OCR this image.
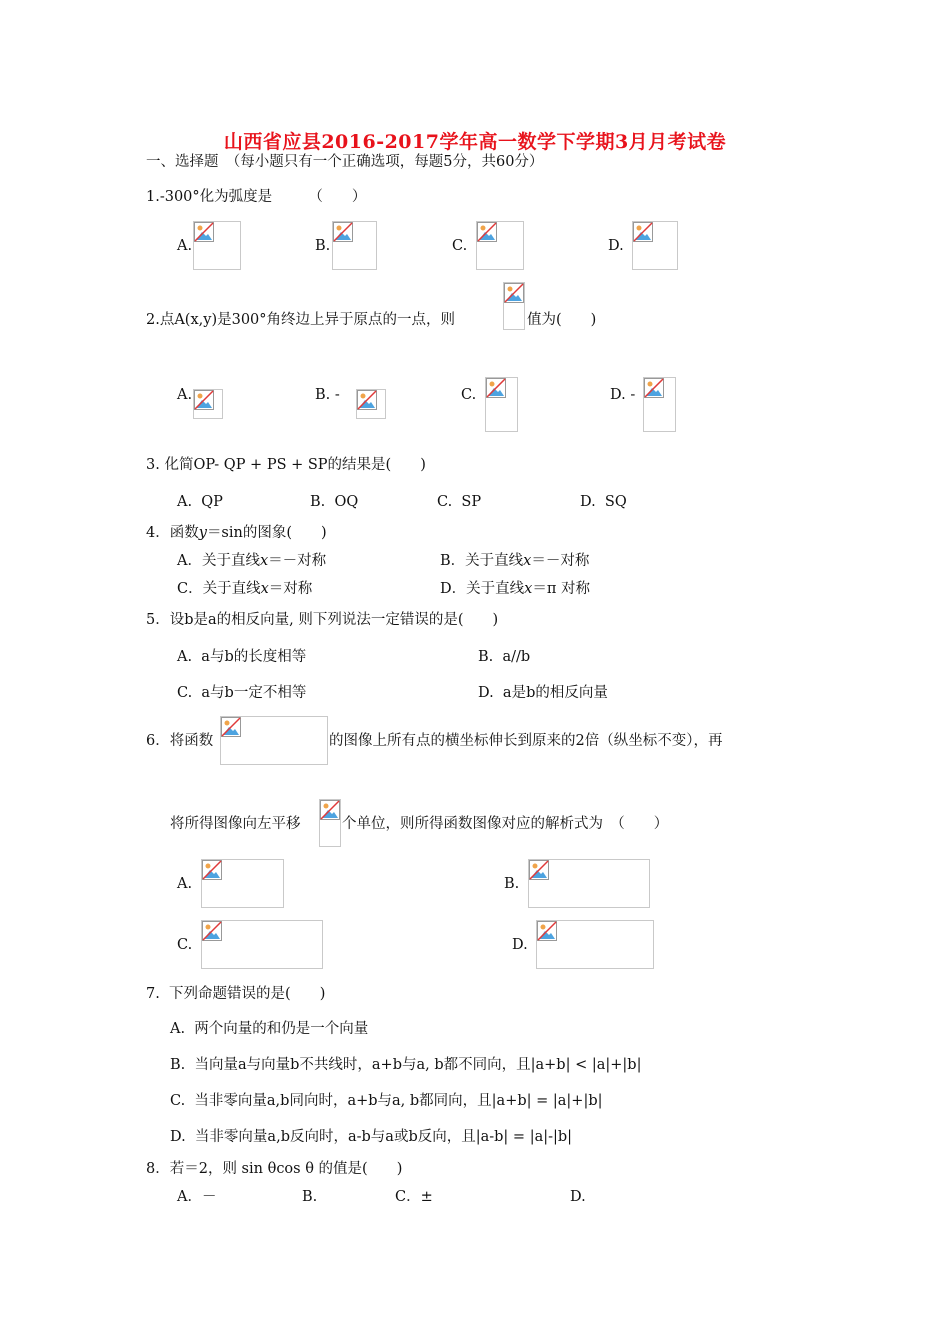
山西省应县2016-2017学年高一数学下学期3月月考试卷
一、选择题　（每小题只有一个正确选项，每题5分，共60分）
1.-300°化为弧度是　　　（　　）
A.	B.	C.	D.
2.点A(x,y)是300°角终边上异于原点的一点，则	值为(　　)
A.	B. -	C.	D. -
3. 化简OP- QP + PS + SP的结果是(　　)
A.  QP	B.  OQ	C.  SP	D.  SQ
4．函数y＝sin的图象(　　)
A．关于直线x＝－对称	B．关于直线x＝－对称
C．关于直线x＝对称	D．关于直线x＝π 对称
5．设b是a的相反向量, 则下列说法一定错误的是(　　)
A.  a与b的长度相等	B.  a//b
C.  a与b一定不相等	D.  a是b的相反向量
6．将函数	的图像上所有点的横坐标伸长到原来的2倍（纵坐标不变），再
将所得图像向左平移	个单位，则所得函数图像对应的解析式为　（　　）
A.	B.
C.	D.
7.  下列命题错误的是(　　)
A.  两个向量的和仍是一个向量
B.  当向量a与向量b不共线时，a+b与a, b都不同向，且|a+b| < |a|+|b|
C.  当非零向量a,b同向时，a+b与a, b都同向，且|a+b| = |a|+|b|
D.  当非零向量a,b反向时，a-b与a或b反向，且|a-b| = |a|-|b|
8．若＝2，则 sin θcos θ 的值是(　　)
A．－	B.	C．±	D.
